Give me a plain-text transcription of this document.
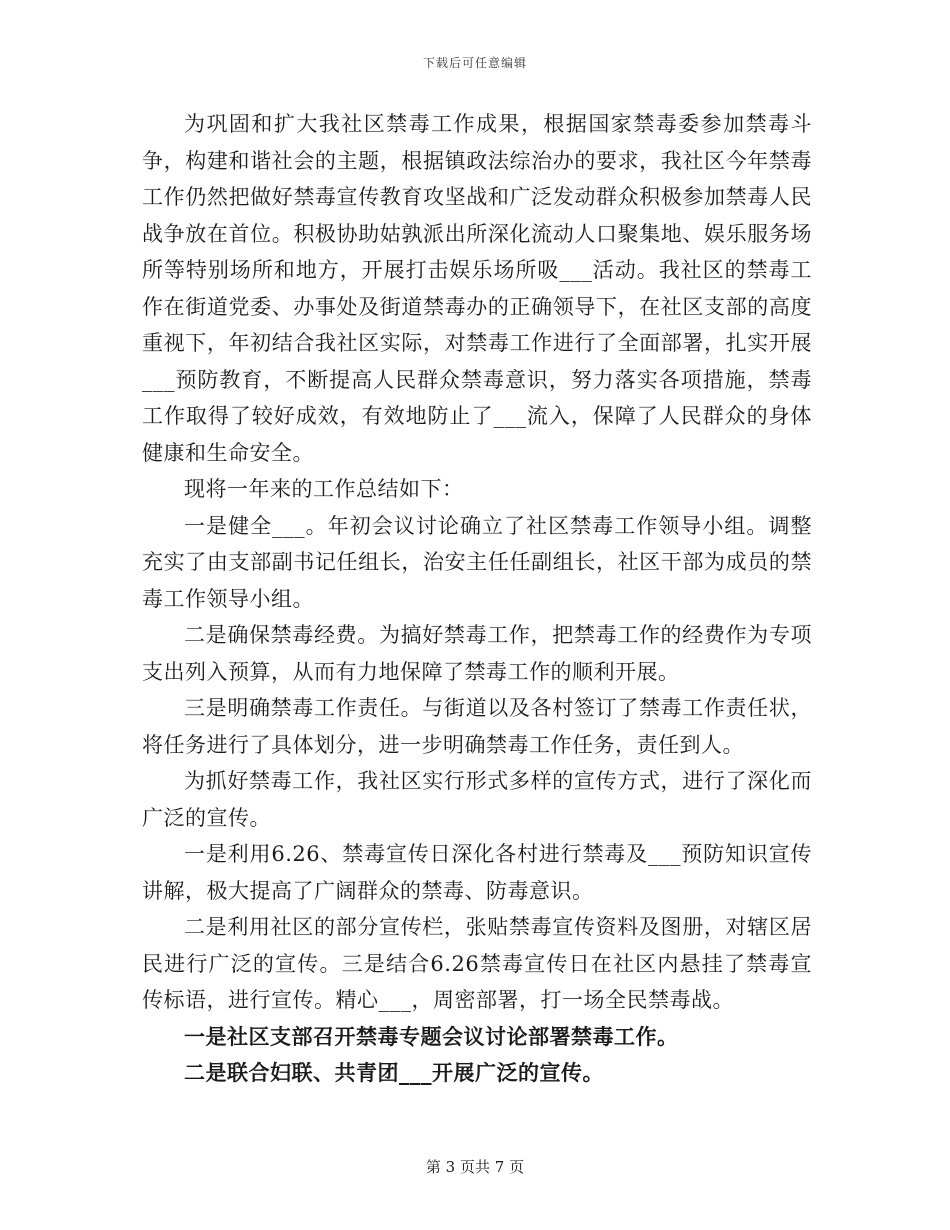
下载后可任意编辑

为巩固和扩大我社区禁毒工作成果，根据国家禁毒委参加禁毒斗争，构建和谐社会的主题，根据镇政法综治办的要求，我社区今年禁毒工作仍然把做好禁毒宣传教育攻坚战和广泛发动群众积极参加禁毒人民战争放在首位。积极协助姑孰派出所深化流动人口聚集地、娱乐服务场所等特别场所和地方，开展打击娱乐场所吸___活动。我社区的禁毒工作在街道党委、办事处及街道禁毒办的正确领导下，在社区支部的高度重视下，年初结合我社区实际，对禁毒工作进行了全面部署，扎实开展___预防教育，不断提高人民群众禁毒意识，努力落实各项措施，禁毒工作取得了较好成效，有效地防止了___流入，保障了人民群众的身体健康和生命安全。

现将一年来的工作总结如下：

一是健全___。年初会议讨论确立了社区禁毒工作领导小组。调整充实了由支部副书记任组长，治安主任任副组长，社区干部为成员的禁毒工作领导小组。

二是确保禁毒经费。为搞好禁毒工作，把禁毒工作的经费作为专项支出列入预算，从而有力地保障了禁毒工作的顺利开展。

三是明确禁毒工作责任。与街道以及各村签订了禁毒工作责任状，将任务进行了具体划分，进一步明确禁毒工作任务，责任到人。

为抓好禁毒工作，我社区实行形式多样的宣传方式，进行了深化而广泛的宣传。

一是利用6.26、禁毒宣传日深化各村进行禁毒及___预防知识宣传讲解，极大提高了广阔群众的禁毒、防毒意识。

二是利用社区的部分宣传栏，张贴禁毒宣传资料及图册，对辖区居民进行广泛的宣传。三是结合6.26禁毒宣传日在社区内悬挂了禁毒宣传标语，进行宣传。精心___，周密部署，打一场全民禁毒战。

一是社区支部召开禁毒专题会议讨论部署禁毒工作。

二是联合妇联、共青团___开展广泛的宣传。

第 3 页共 7 页
